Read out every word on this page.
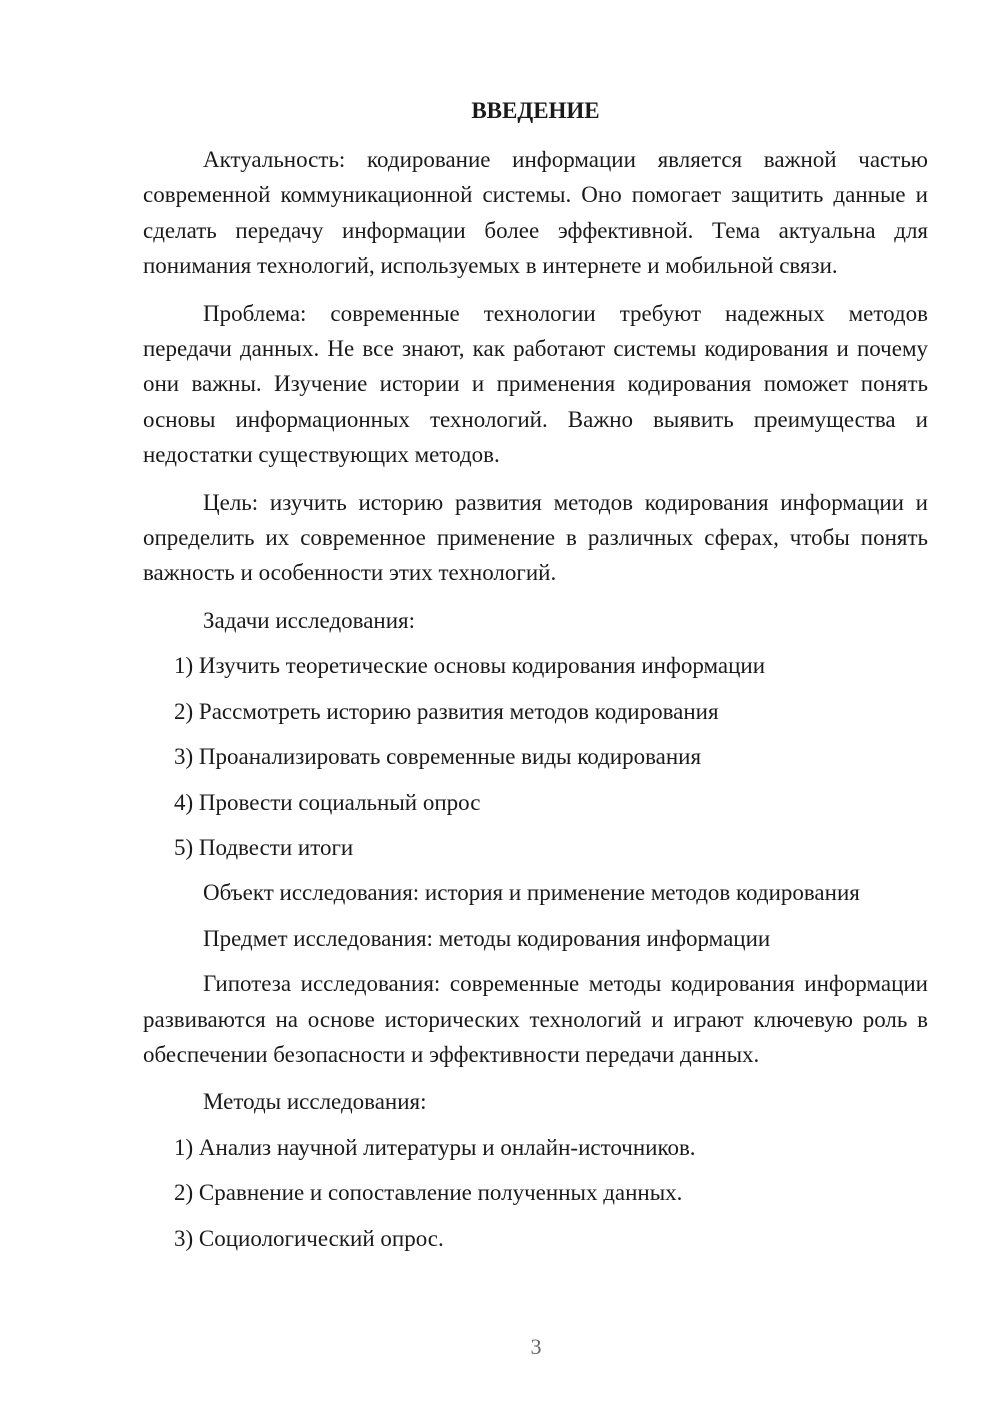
ВВЕДЕНИЕ

Актуальность: кодирование информации является важной частью современной коммуникационной системы. Оно помогает защитить данные и сделать передачу информации более эффективной. Тема актуальна для понимания технологий, используемых в интернете и мобильной связи.

Проблема: современные технологии требуют надежных методов передачи данных. Не все знают, как работают системы кодирования и почему они важны. Изучение истории и применения кодирования поможет понять основы информационных технологий. Важно выявить преимущества и недостатки существующих методов.

Цель: изучить историю развития методов кодирования информации и определить их современное применение в различных сферах, чтобы понять важность и особенности этих технологий.

Задачи исследования:

1) Изучить теоретические основы кодирования информации
2) Рассмотреть историю развития методов кодирования
3) Проанализировать современные виды кодирования
4) Провести социальный опрос
5) Подвести итоги

Объект исследования: история и применение методов кодирования

Предмет исследования: методы кодирования информации

Гипотеза исследования: современные методы кодирования информации развиваются на основе исторических технологий и играют ключевую роль в обеспечении безопасности и эффективности передачи данных.

Методы исследования:

1) Анализ научной литературы и онлайн-источников.
2) Сравнение и сопоставление полученных данных.
3) Социологический опрос.
3
